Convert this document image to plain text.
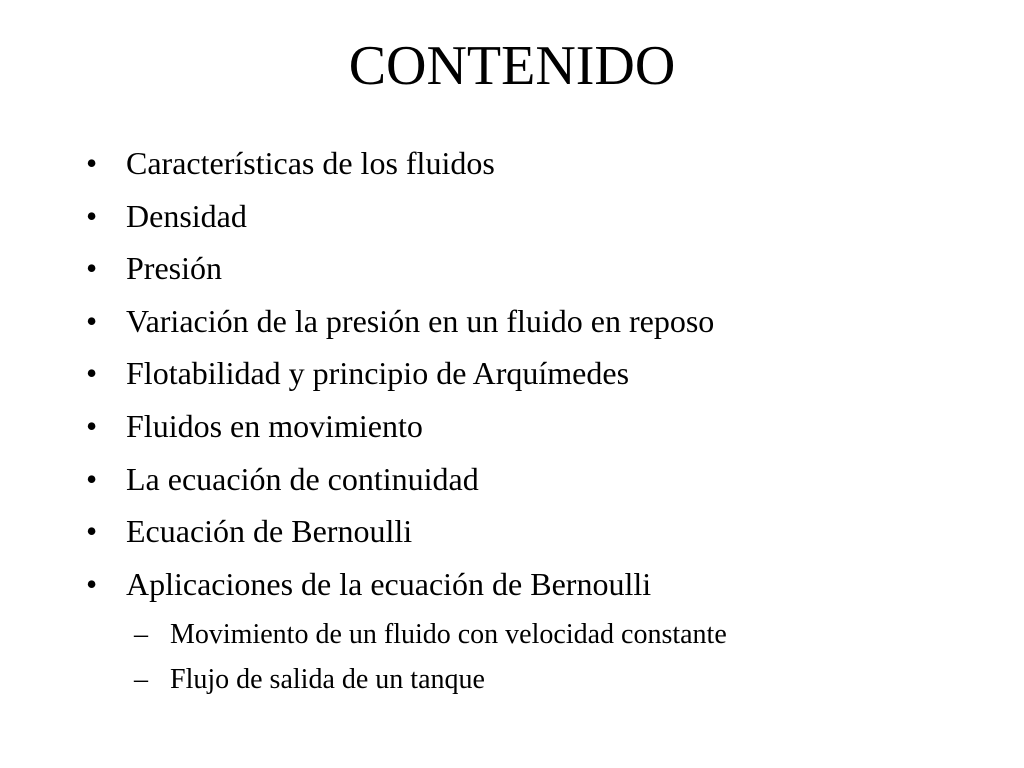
CONTENIDO
• Características de los fluidos
• Densidad
• Presión
• Variación de la presión en un fluido en reposo
• Flotabilidad y principio de Arquímedes
• Fluidos en movimiento
• La ecuación de continuidad
• Ecuación de Bernoulli
• Aplicaciones de la ecuación de Bernoulli
– Movimiento de un fluido con velocidad constante
– Flujo de salida de un tanque
